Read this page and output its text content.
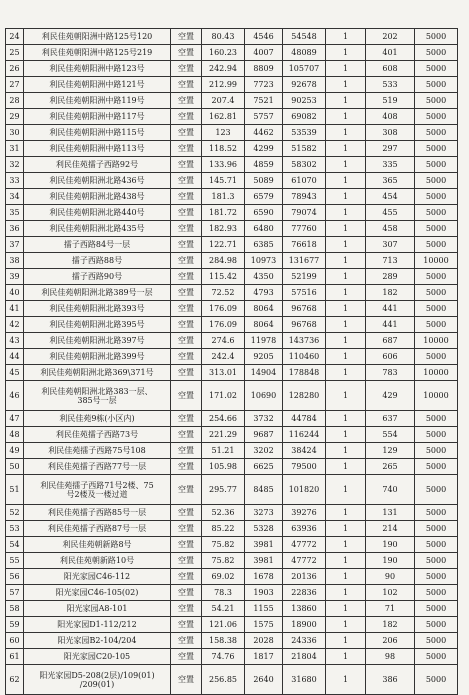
24	利民佳苑朝阳洲中路125号120	空置	80.43	4546	54548	1	202	5000
25	利民佳苑朝阳洲中路125号219	空置	160.23	4007	48089	1	401	5000
26	利民佳苑朝阳洲中路123号	空置	242.94	8809	105707	1	608	5000
27	利民佳苑朝阳洲中路121号	空置	212.99	7723	92678	1	533	5000
28	利民佳苑朝阳洲中路119号	空置	207.4	7521	90253	1	519	5000
29	利民佳苑朝阳洲中路117号	空置	162.81	5757	69082	1	408	5000
30	利民佳苑朝阳洲中路115号	空置	123	4462	53539	1	308	5000
31	利民佳苑朝阳洲中路113号	空置	118.52	4299	51582	1	297	5000
32	利民佳苑擂子西路92号	空置	133.96	4859	58302	1	335	5000
33	利民佳苑朝阳洲北路436号	空置	145.71	5089	61070	1	365	5000
34	利民佳苑朝阳洲北路438号	空置	181.3	6579	78943	1	454	5000
35	利民佳苑朝阳洲北路440号	空置	181.72	6590	79074	1	455	5000
36	利民佳苑朝阳洲北路435号	空置	182.93	6480	77760	1	458	5000
37	擂子西路84号一层	空置	122.71	6385	76618	1	307	5000
38	擂子西路88号	空置	284.98	10973	131677	1	713	10000
39	擂子西路90号	空置	115.42	4350	52199	1	289	5000
40	利民佳苑朝阳洲北路389号一层	空置	72.52	4793	57516	1	182	5000
41	利民佳苑朝阳洲北路393号	空置	176.09	8064	96768	1	441	5000
42	利民佳苑朝阳洲北路395号	空置	176.09	8064	96768	1	441	5000
43	利民佳苑朝阳洲北路397号	空置	274.6	11978	143736	1	687	10000
44	利民佳苑朝阳洲北路399号	空置	242.4	9205	110460	1	606	5000
45	利民佳苑朝阳洲北路369\371号	空置	313.01	14904	178848	1	783	10000
46	利民佳苑朝阳洲北路383一层、
385号一层	空置	171.02	10690	128280	1	429	10000
47	利民佳苑9栋(小区内)	空置	254.66	3732	44784	1	637	5000
48	利民佳苑擂子西路73号	空置	221.29	9687	116244	1	554	5000
49	利民佳苑擂子西路75号108	空置	51.21	3202	38424	1	129	5000
50	利民佳苑擂子西路77号一层	空置	105.98	6625	79500	1	265	5000
51	利民佳苑擂子西路71号2楼、75
号2楼及一楼过道	空置	295.77	8485	101820	1	740	5000
52	利民佳苑擂子西路85号一层	空置	52.36	3273	39276	1	131	5000
53	利民佳苑擂子西路87号一层	空置	85.22	5328	63936	1	214	5000
54	利民佳苑朝新路8号	空置	75.82	3981	47772	1	190	5000
55	利民佳苑朝新路10号	空置	75.82	3981	47772	1	190	5000
56	阳光家园C46-112	空置	69.02	1678	20136	1	90	5000
57	阳光家园C46-105(02)	空置	78.3	1903	22836	1	102	5000
58	阳光家园A8-101	空置	54.21	1155	13860	1	71	5000
59	阳光家园D1-112/212	空置	121.06	1575	18900	1	182	5000
60	阳光家园B2-104/204	空置	158.38	2028	24336	1	206	5000
61	阳光家园C20-105	空置	74.76	1817	21804	1	98	5000
62	阳光家园D5-208(2层)/109(01)
/209(01)	空置	256.85	2640	31680	1	386	5000
